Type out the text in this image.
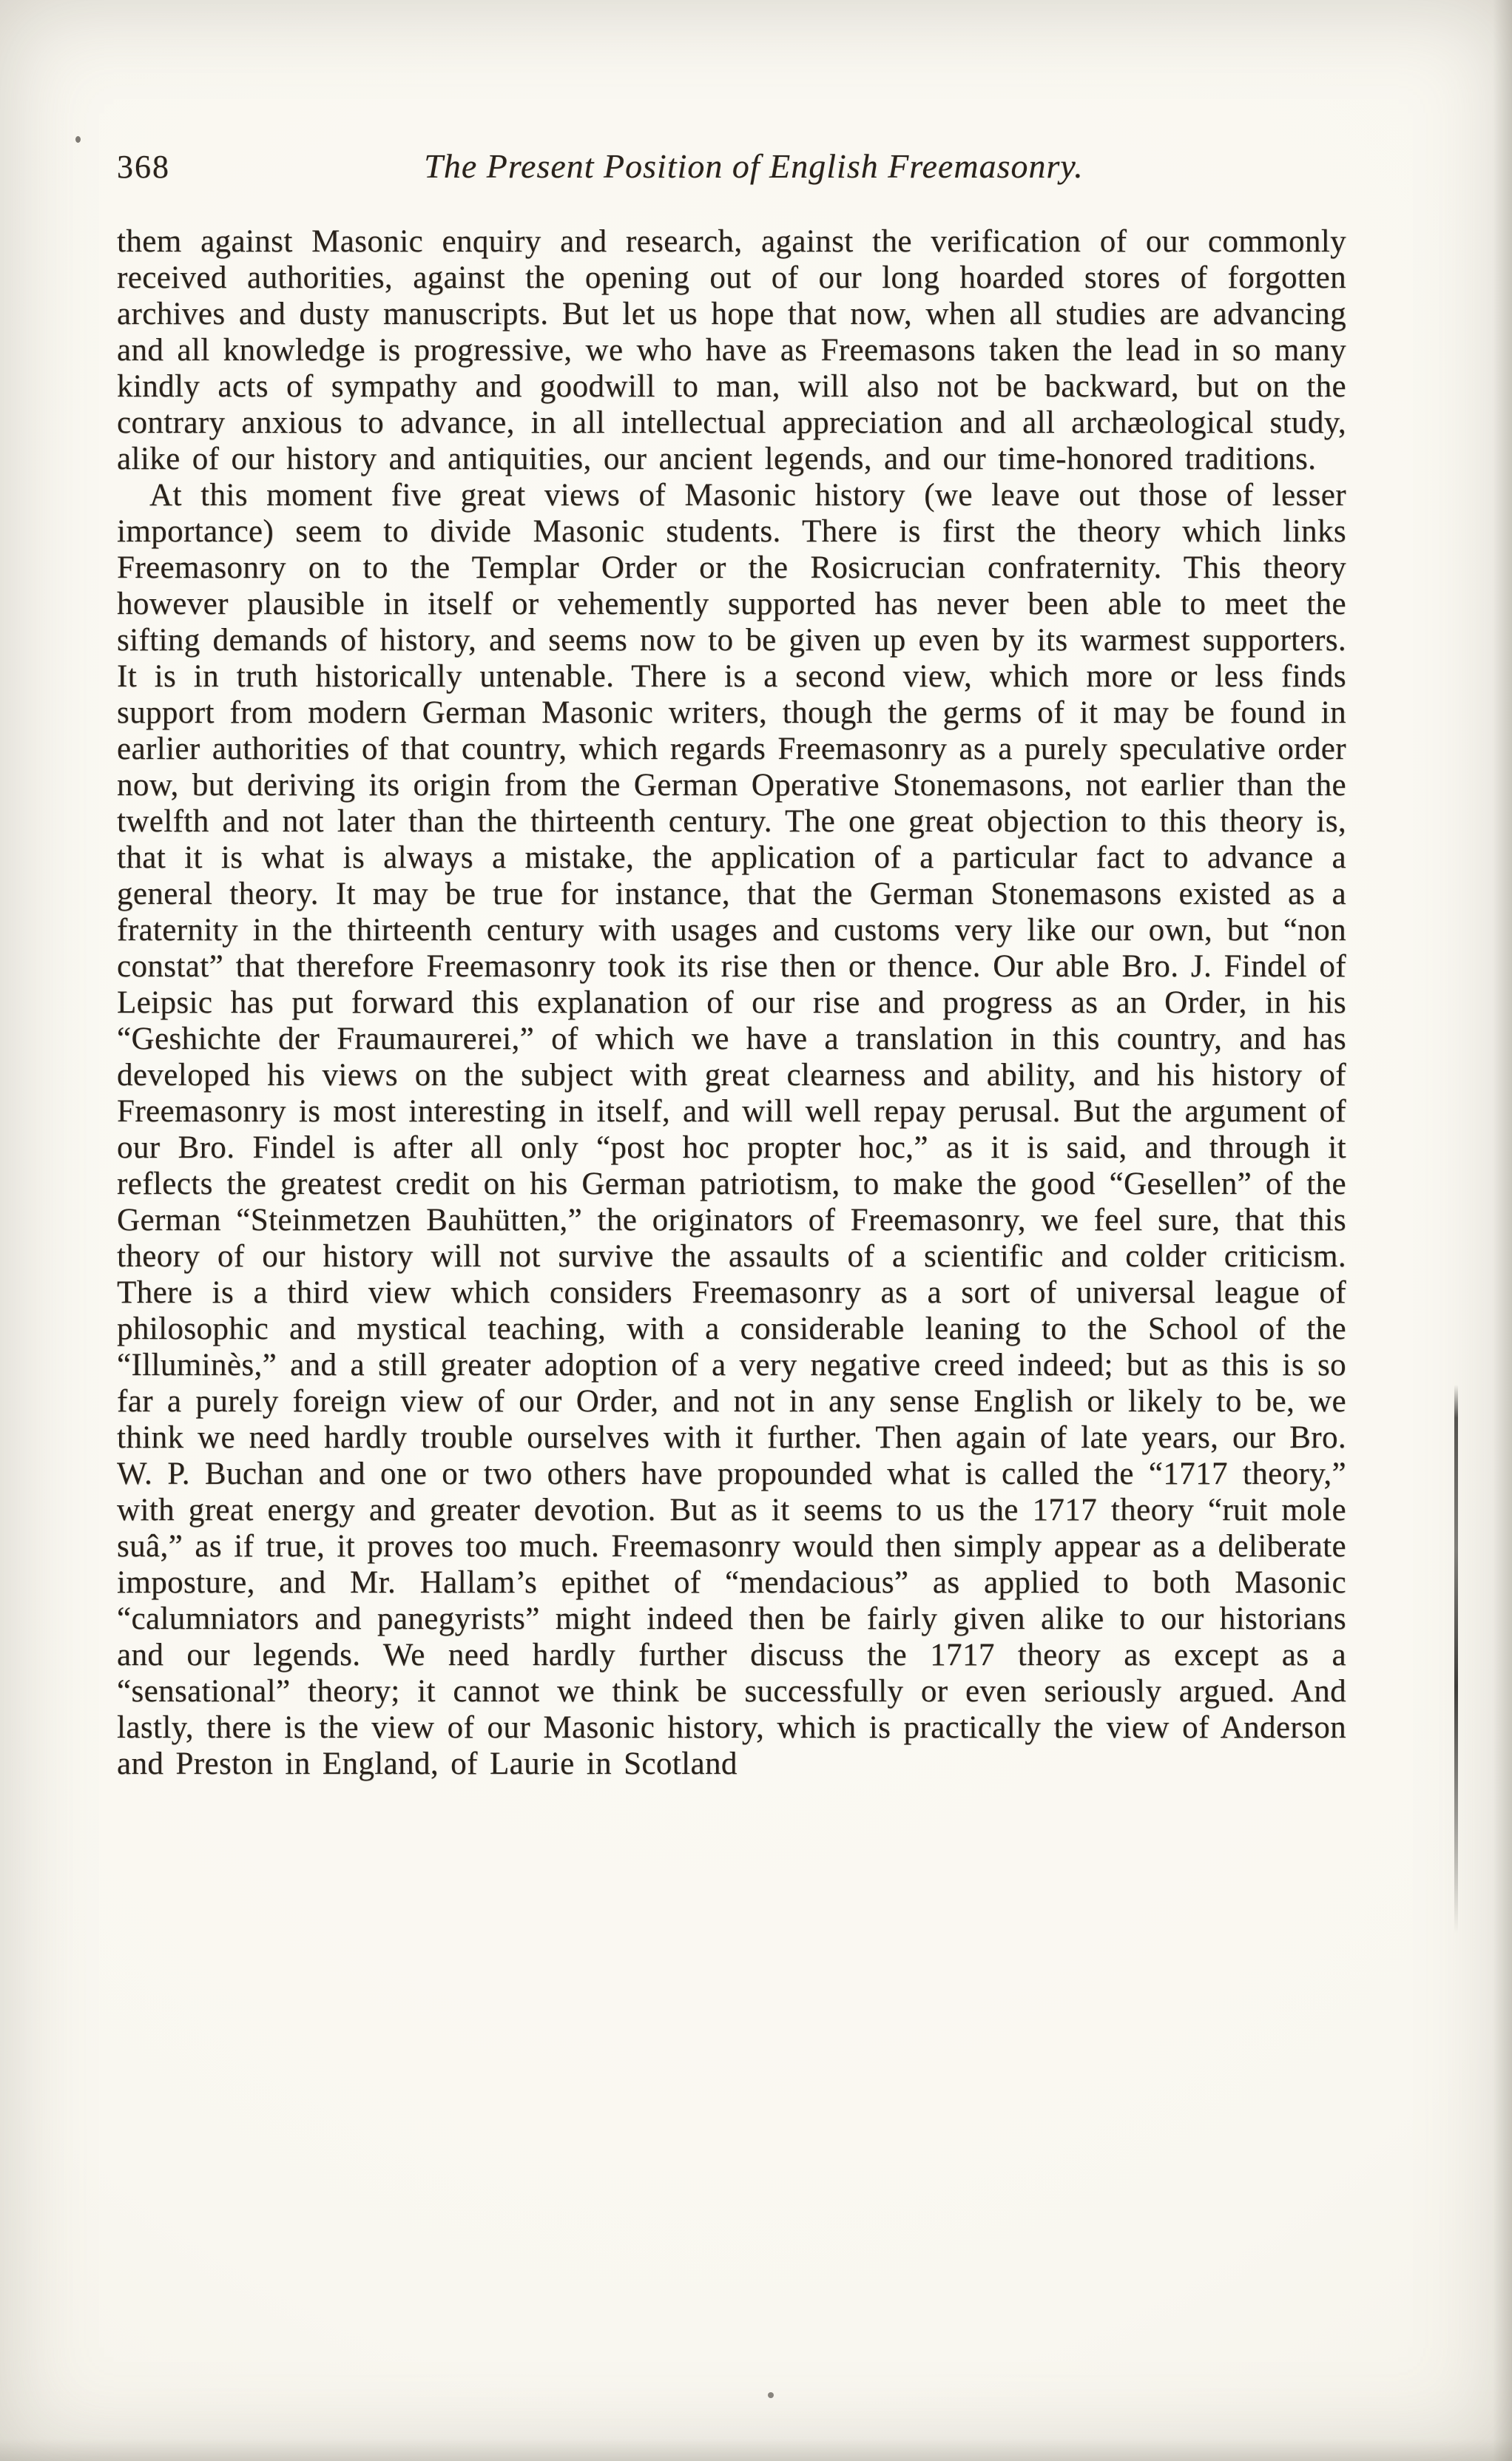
368	The Present Position of English Freemasonry.

them against Masonic enquiry and research, against the verification of our commonly received authorities, against the opening out of our long hoarded stores of forgotten archives and dusty manuscripts. But let us hope that now, when all studies are advancing and all knowledge is progressive, we who have as Freemasons taken the lead in so many kindly acts of sympathy and goodwill to man, will also not be backward, but on the contrary anxious to advance, in all intellectual appreciation and all archæological study, alike of our history and antiquities, our ancient legends, and our time-honored traditions.

At this moment five great views of Masonic history (we leave out those of lesser importance) seem to divide Masonic students. There is first the theory which links Freemasonry on to the Templar Order or the Rosicrucian confraternity. This theory however plausible in itself or vehemently supported has never been able to meet the sifting demands of history, and seems now to be given up even by its warmest supporters. It is in truth historically untenable. There is a second view, which more or less finds support from modern German Masonic writers, though the germs of it may be found in earlier authorities of that country, which regards Freemasonry as a purely speculative order now, but deriving its origin from the German Operative Stonemasons, not earlier than the twelfth and not later than the thirteenth century. The one great objection to this theory is, that it is what is always a mistake, the application of a particular fact to advance a general theory. It may be true for instance, that the German Stonemasons existed as a fraternity in the thirteenth century with usages and customs very like our own, but “non constat” that therefore Freemasonry took its rise then or thence. Our able Bro. J. Findel of Leipsic has put forward this explanation of our rise and progress as an Order, in his “Geshichte der Fraumaurerei,” of which we have a translation in this country, and has developed his views on the subject with great clearness and ability, and his history of Freemasonry is most interesting in itself, and will well repay perusal. But the argument of our Bro. Findel is after all only “post hoc propter hoc,” as it is said, and through it reflects the greatest credit on his German patriotism, to make the good “Gesellen” of the German “Steinmetzen Bauhütten,” the originators of Freemasonry, we feel sure, that this theory of our history will not survive the assaults of a scientific and colder criticism. There is a third view which considers Freemasonry as a sort of universal league of philosophic and mystical teaching, with a considerable leaning to the School of the “Illuminès,” and a still greater adoption of a very negative creed indeed; but as this is so far a purely foreign view of our Order, and not in any sense English or likely to be, we think we need hardly trouble ourselves with it further. Then again of late years, our Bro. W. P. Buchan and one or two others have propounded what is called the “1717 theory,” with great energy and greater devotion. But as it seems to us the 1717 theory “ruit mole suâ,” as if true, it proves too much. Freemasonry would then simply appear as a deliberate imposture, and Mr. Hallam’s epithet of “mendacious” as applied to both Masonic “calumniators and panegyrists” might indeed then be fairly given alike to our historians and our legends. We need hardly further discuss the 1717 theory as except as a “sensational” theory; it cannot we think be successfully or even seriously argued. And lastly, there is the view of our Masonic history, which is practically the view of Anderson and Preston in England, of Laurie in Scotland
